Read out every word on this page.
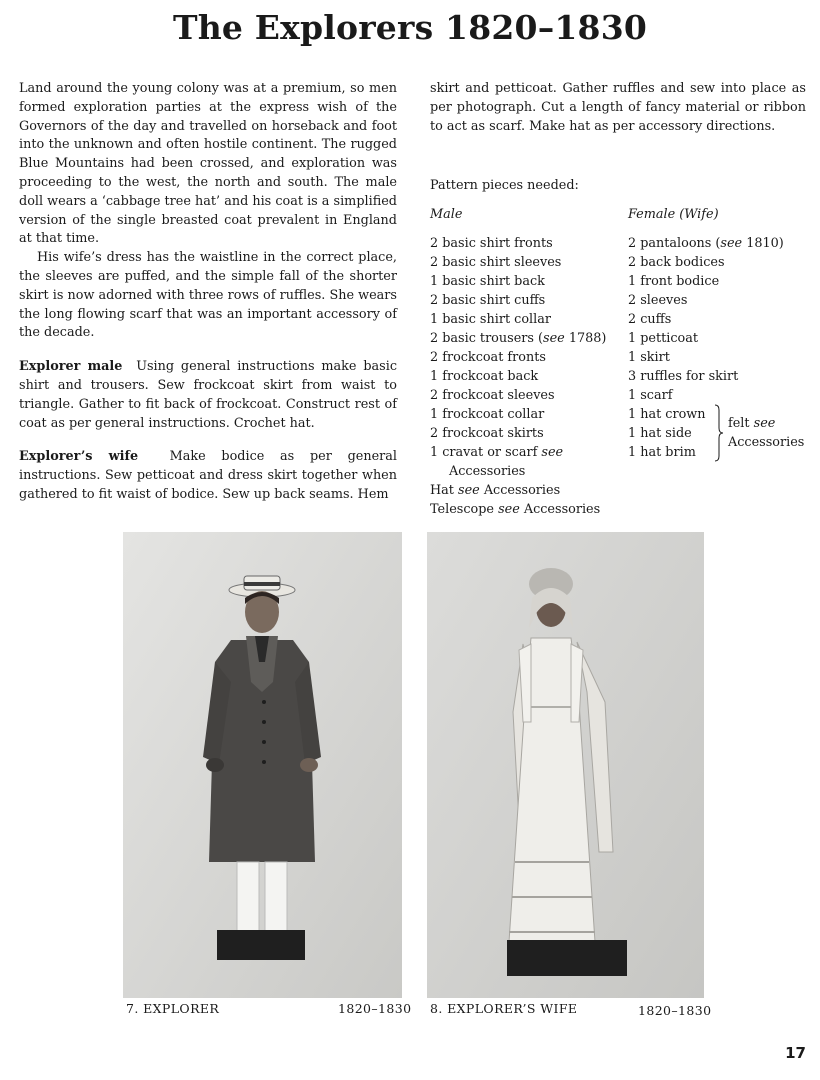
The Explorers 1820–1830

Land around the young colony was at a premium, so men formed exploration parties at the express wish of the Governors of the day and travelled on horseback and foot into the unknown and often hostile continent. The rugged Blue Mountains had been crossed, and exploration was proceeding to the west, the north and south. The male doll wears a ‘cabbage tree hat’ and his coat is a simplified version of the single breasted coat prevalent in England at that time.

His wife’s dress has the waistline in the correct place, the sleeves are puffed, and the simple fall of the shorter skirt is now adorned with three rows of ruffles. She wears the long flowing scarf that was an important accessory of the decade.

Explorer male Using general instructions make basic shirt and trousers. Sew frockcoat skirt from waist to triangle. Gather to fit back of frockcoat. Construct rest of coat as per general instructions. Crochet hat.

Explorer’s wife Make bodice as per general instructions. Sew petticoat and dress skirt together when gathered to fit waist of bodice. Sew up back seams. Hem

skirt and petticoat. Gather ruffles and sew into place as per photograph. Cut a length of fancy material or ribbon to act as scarf. Make hat as per accessory directions.

Pattern pieces needed:
Male
2 basic shirt fronts
2 basic shirt sleeves
1 basic shirt back
2 basic shirt cuffs
1 basic shirt collar
2 basic trousers (see 1788)
2 frockcoat fronts
1 frockcoat back
2 frockcoat sleeves
1 frockcoat collar
2 frockcoat skirts
1 cravat or scarf see
Accessories
Hat see Accessories
Telescope see Accessories
Female (Wife)
2 pantaloons (see 1810)
2 back bodices
1 front bodice
2 sleeves
2 cuffs
1 petticoat
1 skirt
3 ruffles for skirt
1 scarf
1 hat crown
1 hat side
1 hat brim
felt see
Accessories
7. EXPLORER	1820–1830 8. EXPLORER’S WIFE	1820–1830
17
